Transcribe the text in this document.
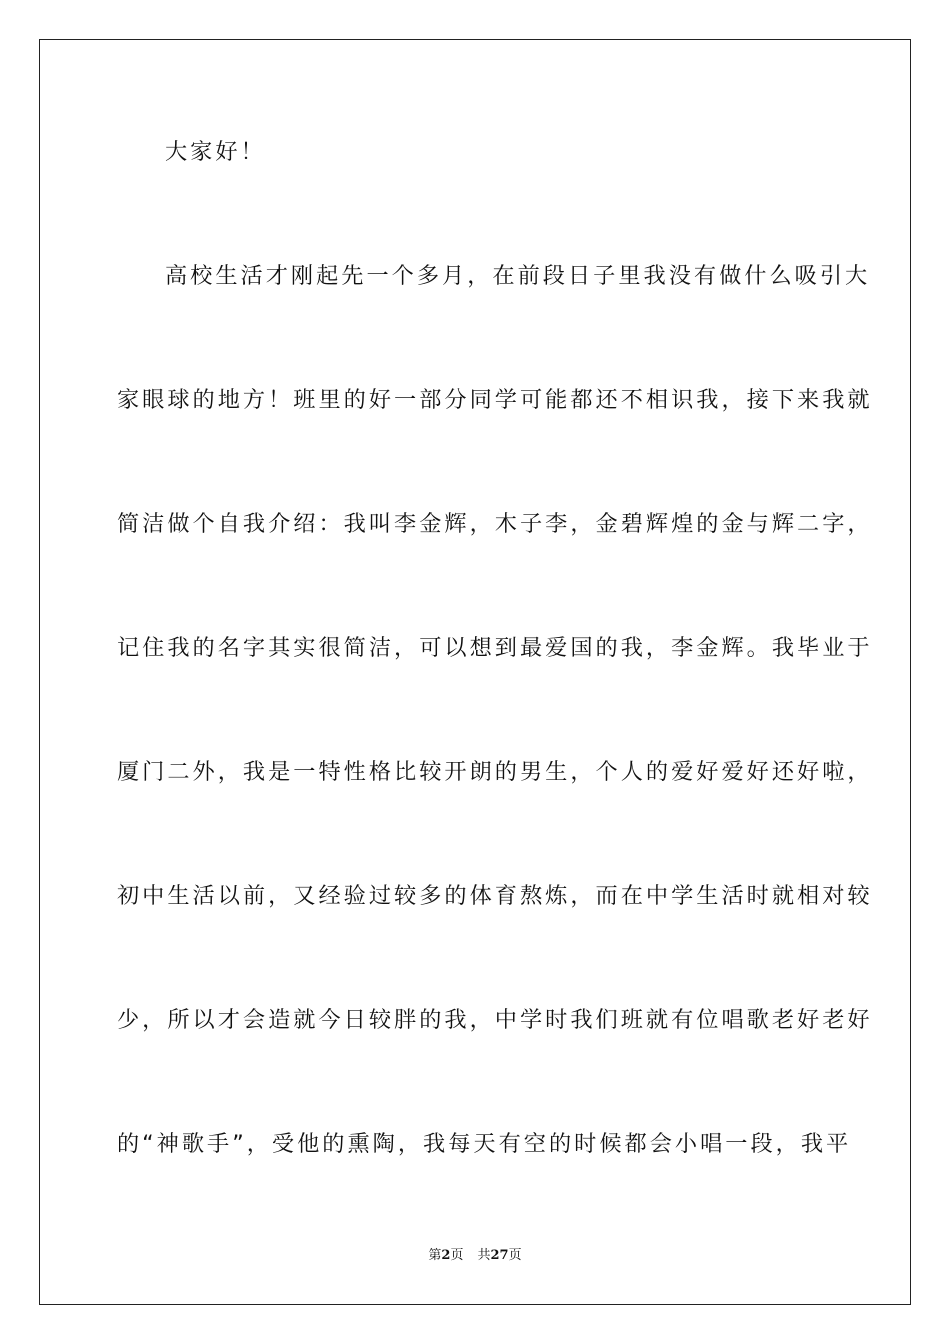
大家好！
高校生活才刚起先一个多月，在前段日子里我没有做什么吸引大
家眼球的地方！班里的好一部分同学可能都还不相识我，接下来我就
简洁做个自我介绍：我叫李金辉，木子李，金碧辉煌的金与辉二字，
记住我的名字其实很简洁，可以想到最爱国的我，李金辉。我毕业于
厦门二外，我是一特性格比较开朗的男生，个人的爱好爱好还好啦，
初中生活以前，又经验过较多的体育熬炼，而在中学生活时就相对较
少，所以才会造就今日较胖的我，中学时我们班就有位唱歌老好老好
的“神歌手”，受他的熏陶，我每天有空的时候都会小唱一段，我平
第2页 共27页
